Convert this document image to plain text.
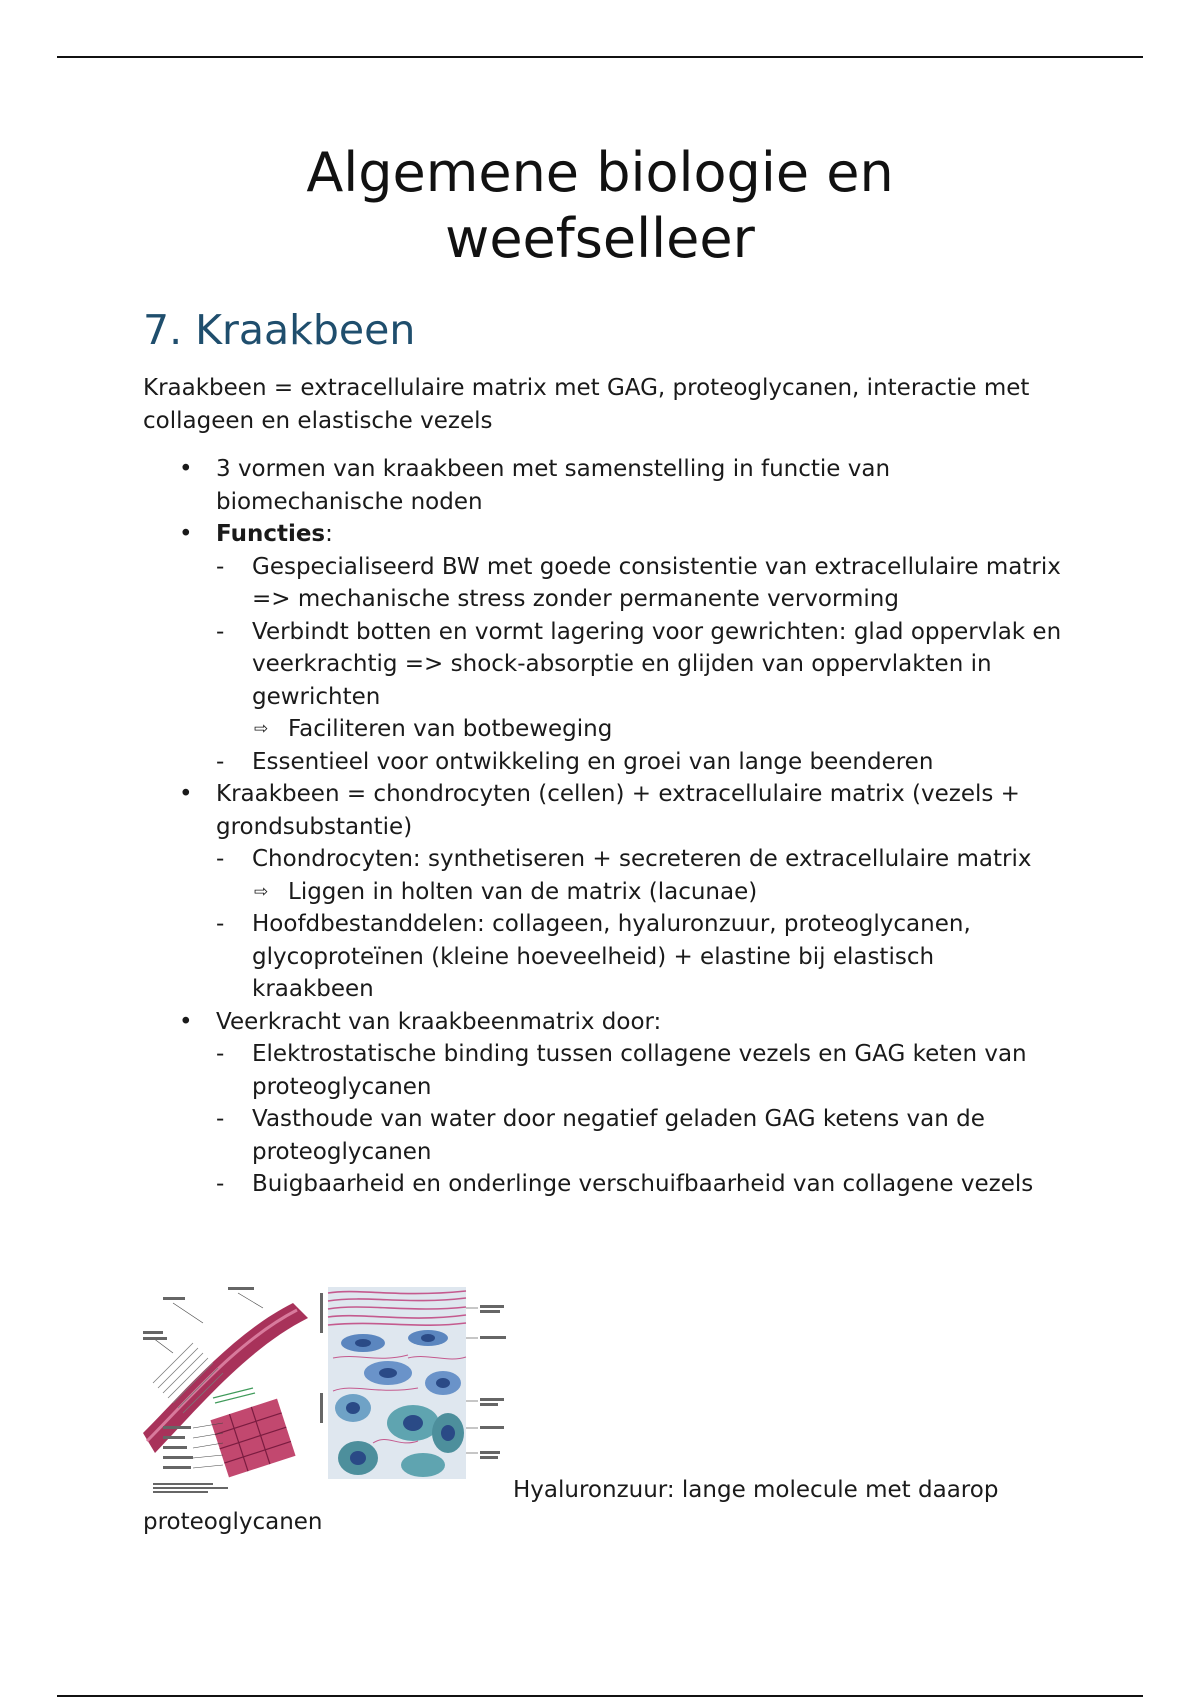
Algemene biologie en
weefselleer
7. Kraakbeen

Kraakbeen = extracellulaire matrix met GAG, proteoglycanen, interactie met collageen en elastische vezels

• 3 vormen van kraakbeen met samenstelling in functie van biomechanische noden
• Functies:
- Gespecialiseerd BW met goede consistentie van extracellulaire matrix => mechanische stress zonder permanente vervorming
- Verbindt botten en vormt lagering voor gewrichten: glad oppervlak en veerkrachtig => shock-absorptie en glijden van oppervlakten in gewrichten
⇨ Faciliteren van botbeweging
- Essentieel voor ontwikkeling en groei van lange beenderen
• Kraakbeen = chondrocyten (cellen) + extracellulaire matrix (vezels + grondsubstantie)
- Chondrocyten: synthetiseren + secreteren de extracellulaire matrix
⇨ Liggen in holten van de matrix (lacunae)
- Hoofdbestanddelen: collageen, hyaluronzuur, proteoglycanen, glycoproteïnen (kleine hoeveelheid) + elastine bij elastisch kraakbeen
• Veerkracht van kraakbeenmatrix door:
- Elektrostatische binding tussen collagene vezels en GAG keten van proteoglycanen
- Vasthoude van water door negatief geladen GAG ketens van de proteoglycanen
- Buigbaarheid en onderlinge verschuifbaarheid van collagene vezels
Hyaluronzuur: lange molecule met daarop
proteoglycanen
